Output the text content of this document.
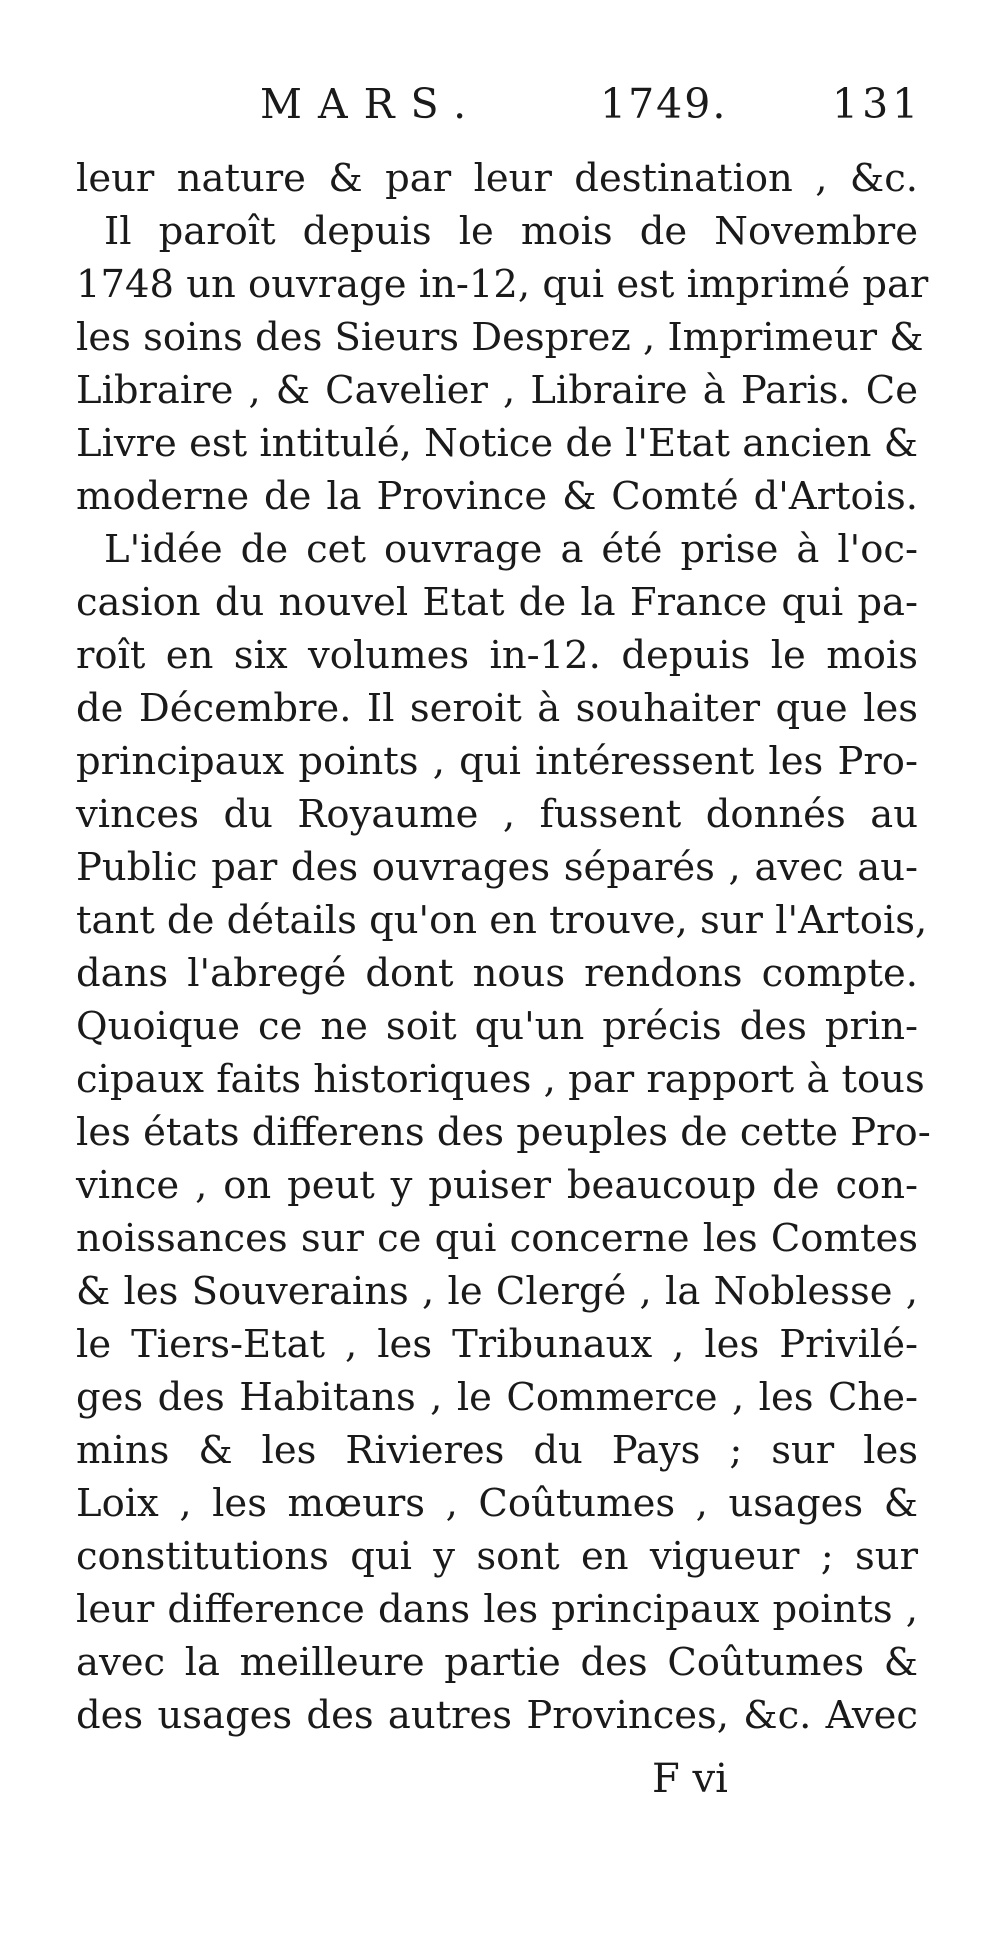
MARS.	1749.	131
leur nature & par leur destination , &c.
Il paroît depuis le mois de Novembre
1748 un ouvrage in-12, qui est imprimé par
les soins des Sieurs Desprez , Imprimeur &
Libraire , & Cavelier , Libraire à Paris. Ce
Livre est intitulé, Notice de l'Etat ancien &
moderne de la Province & Comté d'Artois.
L'idée de cet ouvrage a été prise à l'oc-
casion du nouvel Etat de la France qui pa-
roît en six volumes in-12. depuis le mois
de Décembre. Il seroit à souhaiter que les
principaux points , qui intéressent les Pro-
vinces du Royaume , fussent donnés au
Public par des ouvrages séparés , avec au-
tant de détails qu'on en trouve, sur l'Artois,
dans l'abregé dont nous rendons compte.
Quoique ce ne soit qu'un précis des prin-
cipaux faits historiques , par rapport à tous
les états differens des peuples de cette Pro-
vince , on peut y puiser beaucoup de con-
noissances sur ce qui concerne les Comtes
& les Souverains , le Clergé , la Noblesse ,
le Tiers-Etat , les Tribunaux , les Privilé-
ges des Habitans , le Commerce , les Che-
mins & les Rivieres du Pays ; sur les
Loix , les mœurs , Coûtumes , usages &
constitutions qui y sont en vigueur ; sur
leur difference dans les principaux points ,
avec la meilleure partie des Coûtumes &
des usages des autres Provinces, &c. Avec
F vi
